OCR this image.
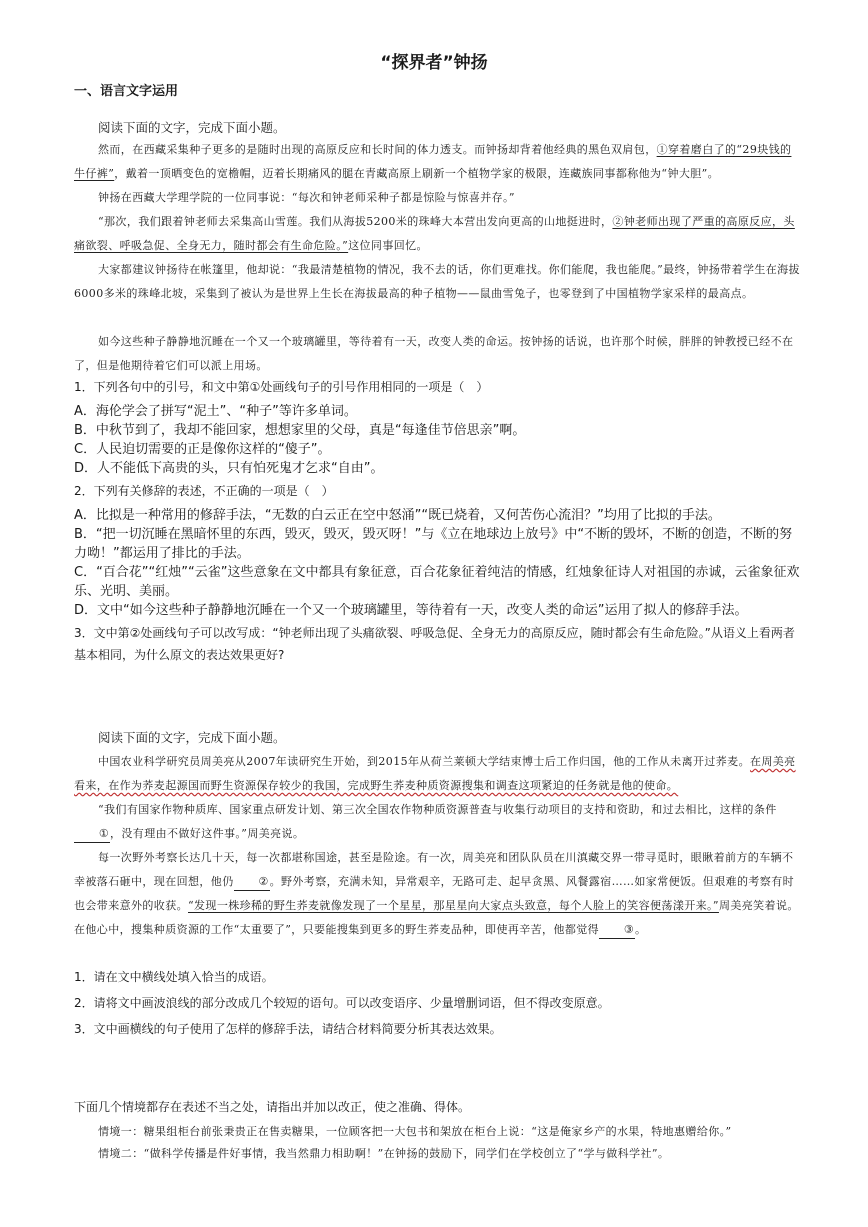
“探界者”钟扬
一、语言文字运用
阅读下面的文字，完成下面小题。
然而，在西藏采集种子更多的是随时出现的高原反应和长时间的体力透支。而钟扬却背着他经典的黑色双肩包，①穿着磨白了的“29块钱的牛仔裤”，戴着一顶晒变色的宽檐帽，迈着长期痛风的腿在青藏高原上刷新一个植物学家的极限，连藏族同事都称他为“钟大胆”。
钟扬在西藏大学理学院的一位同事说：“每次和钟老师采种子都是惊险与惊喜并存。”
“那次，我们跟着钟老师去采集高山雪莲。我们从海拔5200米的珠峰大本营出发向更高的山地挺进时，②钟老师出现了严重的高原反应，头痛欲裂、呼吸急促、全身无力，随时都会有生命危险。”这位同事回忆。
大家都建议钟扬待在帐篷里，他却说：“我最清楚植物的情况，我不去的话，你们更难找。你们能爬，我也能爬。”最终，钟扬带着学生在海拔6000多米的珠峰北坡，采集到了被认为是世界上生长在海拔最高的种子植物——鼠曲雪兔子，也零登到了中国植物学家采样的最高点。
如今这些种子静静地沉睡在一个又一个玻璃罐里，等待着有一天，改变人类的命运。按钟扬的话说，也许那个时候，胖胖的钟教授已经不在了，但是他期待着它们可以派上用场。
1．下列各句中的引号，和文中第①处画线句子的引号作用相同的一项是（　）
A．海伦学会了拼写“泥土”、“种子”等许多单词。
B．中秋节到了，我却不能回家，想想家里的父母，真是“每逢佳节倍思亲”啊。
C．人民迫切需要的正是像你这样的“傻子”。
D．人不能低下高贵的头，只有怕死鬼才乞求“自由”。
2．下列有关修辞的表述，不正确的一项是（　）
A．比拟是一种常用的修辞手法，“无数的白云正在空中怒涌”“既已烧着，又何苦伤心流泪？”均用了比拟的手法。
B．“把一切沉睡在黑暗怀里的东西，毁灭，毁灭，毁灭呀！”与《立在地球边上放号》中“不断的毁坏，不断的创造，不断的努力呦！”都运用了排比的手法。
C．“百合花”“红烛”“云雀”这些意象在文中都具有象征意，百合花象征着纯洁的情感，红烛象征诗人对祖国的赤诚，云雀象征欢乐、光明、美丽。
D．文中“如今这些种子静静地沉睡在一个又一个玻璃罐里，等待着有一天，改变人类的命运”运用了拟人的修辞手法。
3．文中第②处画线句子可以改写成：“钟老师出现了头痛欲裂、呼吸急促、全身无力的高原反应，随时都会有生命危险。”从语义上看两者基本相同，为什么原文的表达效果更好?
阅读下面的文字，完成下面小题。
中国农业科学研究员周美亮从2007年读研究生开始，到2015年从荷兰莱顿大学结束博士后工作归国，他的工作从未离开过荞麦。在周美亮看来，在作为荞麦起源国而野生资源保存较少的我国，完成野生荞麦种质资源搜集和调查这项紧迫的任务就是他的使命。
“我们有国家作物种质库、国家重点研发计划、第三次全国农作物种质资源普查与收集行动项目的支持和资助，和过去相比，这样的条件①，没有理由不做好这件事。”周美亮说。
每一次野外考察长达几十天，每一次都堪称国途，甚至是险途。有一次，周美亮和团队队员在川滇藏交界一带寻觅时，眼瞅着前方的车辆不幸被落石砸中，现在回想，他仍 ②。野外考察，充满未知，异常艰辛，无路可走、起早贪黑、风餐露宿……如家常便饭。但艰难的考察有时也会带来意外的收获。“发现一株珍稀的野生荞麦就像发现了一个星星，那星星向大家点头致意，每个人脸上的笑容便荡漾开来。”周美亮笑着说。在他心中，搜集种质资源的工作“太重要了”，只要能搜集到更多的野生荞麦品种，即使再辛苦，他都觉得 ③。
1．请在文中横线处填入恰当的成语。
2．请将文中画波浪线的部分改成几个较短的语句。可以改变语序、少量增删词语，但不得改变原意。
3．文中画横线的句子使用了怎样的修辞手法，请结合材料简要分析其表达效果。
下面几个情境都存在表述不当之处，请指出并加以改正，使之准确、得体。
情境一：糖果组柜台前张秉贵正在售卖糖果，一位顾客把一大包书和架放在柜台上说：“这是俺家乡产的水果，特地惠赠给你。”
情境二：“做科学传播是件好事情，我当然鼎力相助啊！”在钟扬的鼓励下，同学们在学校创立了“学与做科学社”。
